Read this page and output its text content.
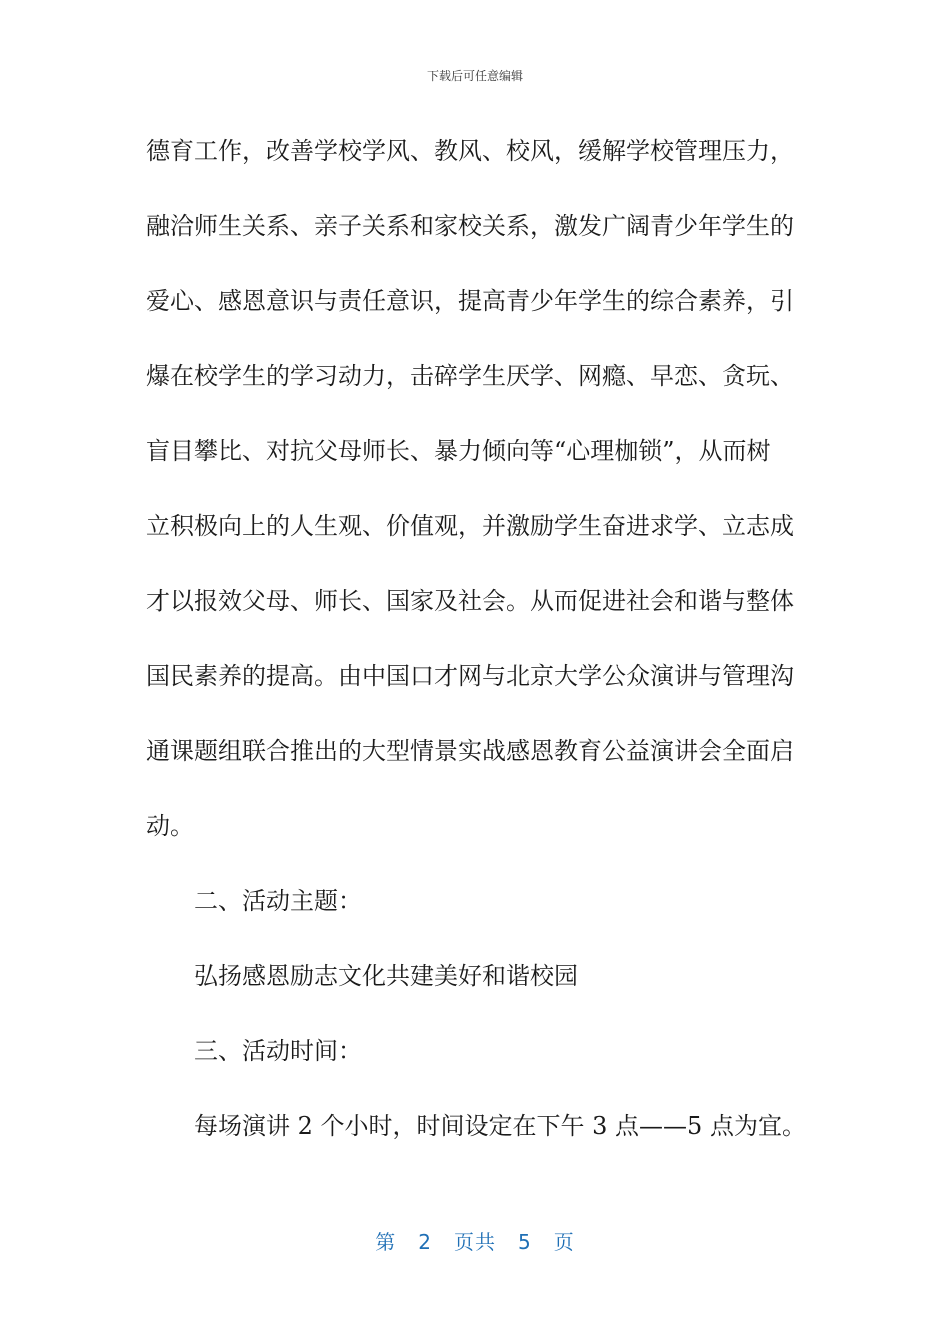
下载后可任意编辑
德育工作，改善学校学风、教风、校风，缓解学校管理压力，
融洽师生关系、亲子关系和家校关系，激发广阔青少年学生的
爱心、感恩意识与责任意识，提高青少年学生的综合素养，引
爆在校学生的学习动力，击碎学生厌学、网瘾、早恋、贪玩、
盲目攀比、对抗父母师长、暴力倾向等“心理枷锁”，从而树
立积极向上的人生观、价值观，并激励学生奋进求学、立志成
才以报效父母、师长、国家及社会。从而促进社会和谐与整体
国民素养的提高。由中国口才网与北京大学公众演讲与管理沟
通课题组联合推出的大型情景实战感恩教育公益演讲会全面启
动。
二、活动主题：
弘扬感恩励志文化共建美好和谐校园
三、活动时间：
每场演讲 2 个小时，时间设定在下午 3 点——5 点为宜。
第 2 页共 5 页
